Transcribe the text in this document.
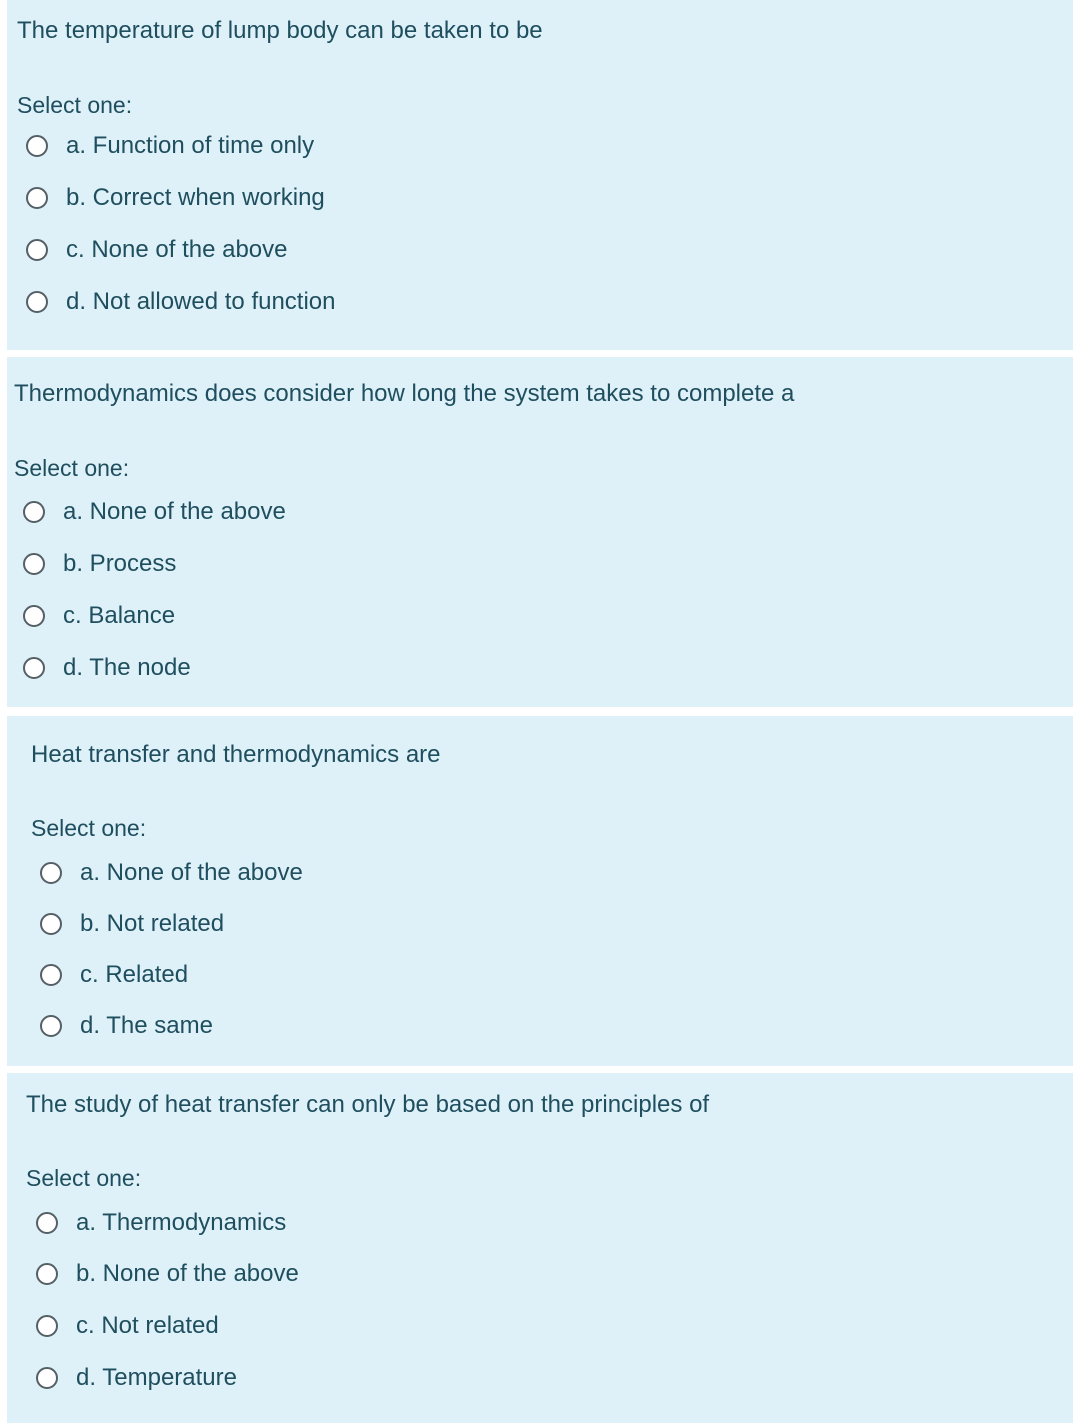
The temperature of lump body can be taken to be
Select one:
a. Function of time only
b. Correct when working
c. None of the above
d. Not allowed to function
Thermodynamics does consider how long the system takes to complete a
Select one:
a. None of the above
b. Process
c. Balance
d. The node
Heat transfer and thermodynamics are
Select one:
a. None of the above
b. Not related
c. Related
d. The same
The study of heat transfer can only be based on the principles of
Select one:
a. Thermodynamics
b. None of the above
c. Not related
d. Temperature
